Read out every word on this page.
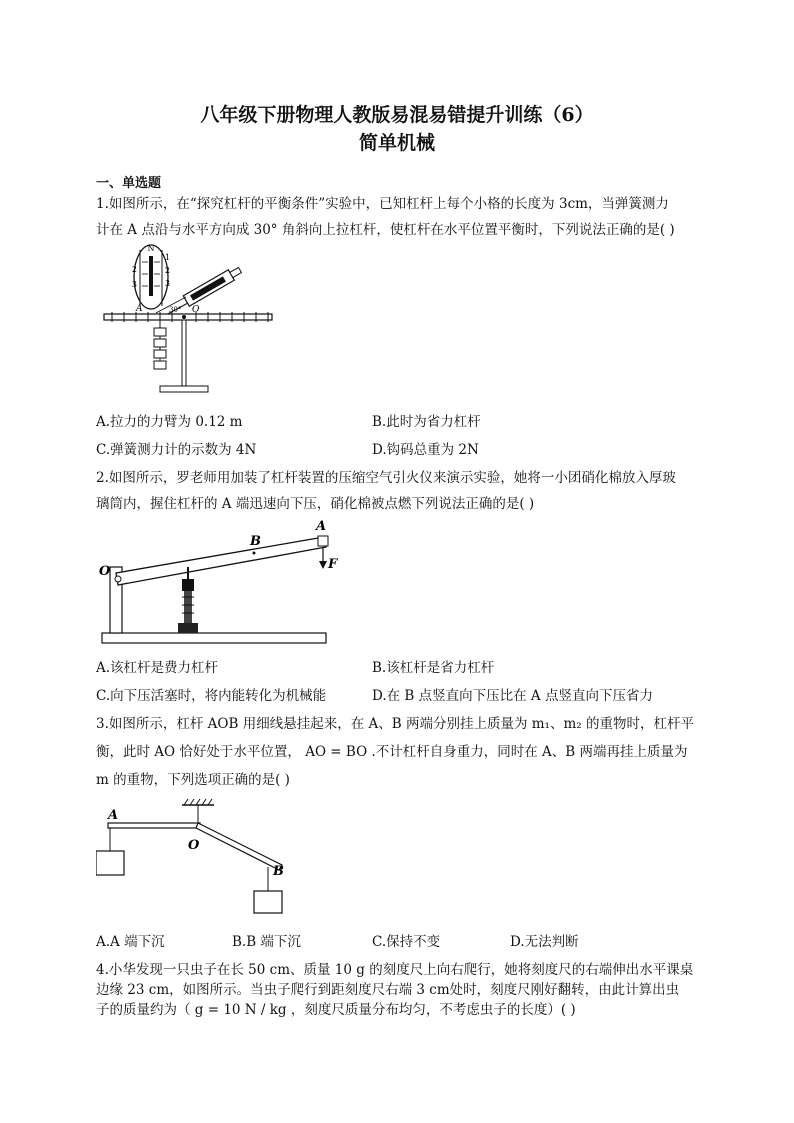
八年级下册物理人教版易混易错提升训练（6）
简单机械
一、单选题
1.如图所示，在“探究杠杆的平衡条件”实验中，已知杠杆上每个小格的长度为 3cm，当弹簧测力
计在 A 点沿与水平方向成 30° 角斜向上拉杠杆，使杠杆在水平位置平衡时，下列说法正确的是( )
N
2
3
1
2
3
A	30° O
A.拉力的力臂为 0.12 m	B.此时为省力杠杆
C.弹簧测力计的示数为 4N	D.钩码总重为 2N
2.如图所示，罗老师用加装了杠杆装置的压缩空气引火仪来演示实验，她将一小团硝化棉放入厚玻
璃筒内，握住杠杆的 A 端迅速向下压，硝化棉被点燃下列说法正确的是( )
B
A
O	F
A.该杠杆是费力杠杆	B.该杠杆是省力杠杆
C.向下压活塞时，将内能转化为机械能	D.在 B 点竖直向下压比在 A 点竖直向下压省力
3.如图所示，杠杆 AOB 用细线悬挂起来，在 A、B 两端分别挂上质量为 m₁、m₂ 的重物时，杠杆平
衡，此时 AO 恰好处于水平位置， AO = BO .不计杠杆自身重力，同时在 A、B 两端再挂上质量为
m 的重物，下列选项正确的是( )
A
O
B
A.A 端下沉	B.B 端下沉	C.保持不变	D.无法判断
4.小华发现一只虫子在长 50 cm、质量 10 g 的刻度尺上向右爬行，她将刻度尺的右端伸出水平课桌
边缘 23 cm，如图所示。当虫子爬行到距刻度尺右端 3 cm处时，刻度尺刚好翻转，由此计算出虫
子的质量约为（ g = 10 N / kg ，刻度尺质量分布均匀，不考虑虫子的长度）( )
